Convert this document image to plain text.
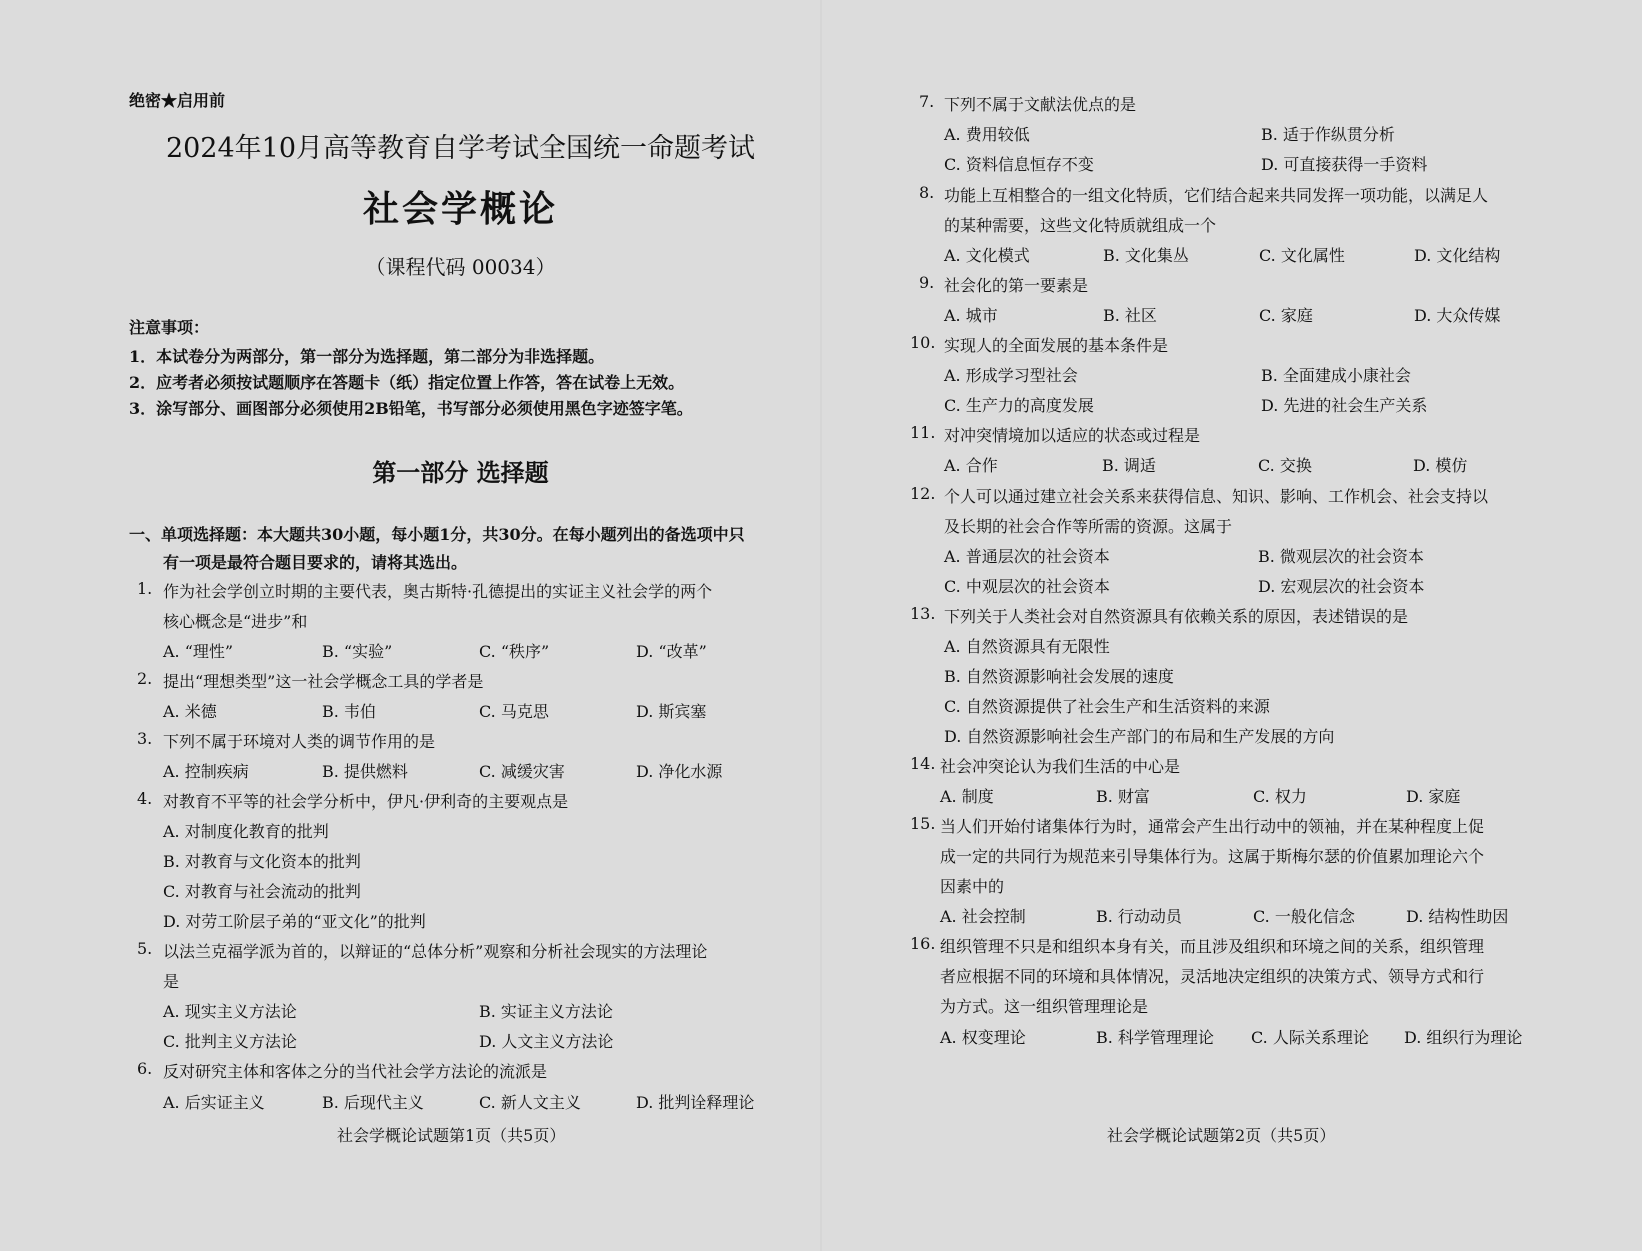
绝密★启用前
2024年10月高等教育自学考试全国统一命题考试
社会学概论
（课程代码 00034）
注意事项：
1．本试卷分为两部分，第一部分为选择题，第二部分为非选择题。
2．应考者必须按试题顺序在答题卡（纸）指定位置上作答，答在试卷上无效。
3．涂写部分、画图部分必须使用2B铅笔，书写部分必须使用黑色字迹签字笔。
第一部分 选择题
一、单项选择题：本大题共30小题，每小题1分，共30分。在每小题列出的备选项中只
有一项是最符合题目要求的，请将其选出。
1. 作为社会学创立时期的主要代表，奥古斯特·孔德提出的实证主义社会学的两个
核心概念是“进步”和
A. “理性”	B. “实验”	C. “秩序”	D. “改革”
2. 提出“理想类型”这一社会学概念工具的学者是
A. 米德	B. 韦伯	C. 马克思	D. 斯宾塞
3. 下列不属于环境对人类的调节作用的是
A. 控制疾病	B. 提供燃料	C. 减缓灾害	D. 净化水源
4. 对教育不平等的社会学分析中，伊凡·伊利奇的主要观点是
A. 对制度化教育的批判
B. 对教育与文化资本的批判
C. 对教育与社会流动的批判
D. 对劳工阶层子弟的“亚文化”的批判
5. 以法兰克福学派为首的，以辩证的“总体分析”观察和分析社会现实的方法理论
是
A. 现实主义方法论	B. 实证主义方法论
C. 批判主义方法论	D. 人文主义方法论
6. 反对研究主体和客体之分的当代社会学方法论的流派是
A. 后实证主义	B. 后现代主义	C. 新人文主义	D. 批判诠释理论
社会学概论试题第1页（共5页）
7. 下列不属于文献法优点的是
A. 费用较低	B. 适于作纵贯分析
C. 资料信息恒存不变	D. 可直接获得一手资料
8. 功能上互相整合的一组文化特质，它们结合起来共同发挥一项功能，以满足人
的某种需要，这些文化特质就组成一个
A. 文化模式	B. 文化集丛	C. 文化属性	D. 文化结构
9. 社会化的第一要素是
A. 城市	B. 社区	C. 家庭	D. 大众传媒
10. 实现人的全面发展的基本条件是
A. 形成学习型社会	B. 全面建成小康社会
C. 生产力的高度发展	D. 先进的社会生产关系
11. 对冲突情境加以适应的状态或过程是
A. 合作	B. 调适	C. 交换	D. 模仿
12. 个人可以通过建立社会关系来获得信息、知识、影响、工作机会、社会支持以
及长期的社会合作等所需的资源。这属于
A. 普通层次的社会资本	B. 微观层次的社会资本
C. 中观层次的社会资本	D. 宏观层次的社会资本
13. 下列关于人类社会对自然资源具有依赖关系的原因，表述错误的是
A. 自然资源具有无限性
B. 自然资源影响社会发展的速度
C. 自然资源提供了社会生产和生活资料的来源
D. 自然资源影响社会生产部门的布局和生产发展的方向
14. 社会冲突论认为我们生活的中心是
A. 制度	B. 财富	C. 权力	D. 家庭
15. 当人们开始付诸集体行为时，通常会产生出行动中的领袖，并在某种程度上促
成一定的共同行为规范来引导集体行为。这属于斯梅尔瑟的价值累加理论六个
因素中的
A. 社会控制	B. 行动动员	C. 一般化信念	D. 结构性助因
16. 组织管理不只是和组织本身有关，而且涉及组织和环境之间的关系，组织管理
者应根据不同的环境和具体情况，灵活地决定组织的决策方式、领导方式和行
为方式。这一组织管理理论是
A. 权变理论	B. 科学管理理论 C. 人际关系理论 D. 组织行为理论
社会学概论试题第2页（共5页）
